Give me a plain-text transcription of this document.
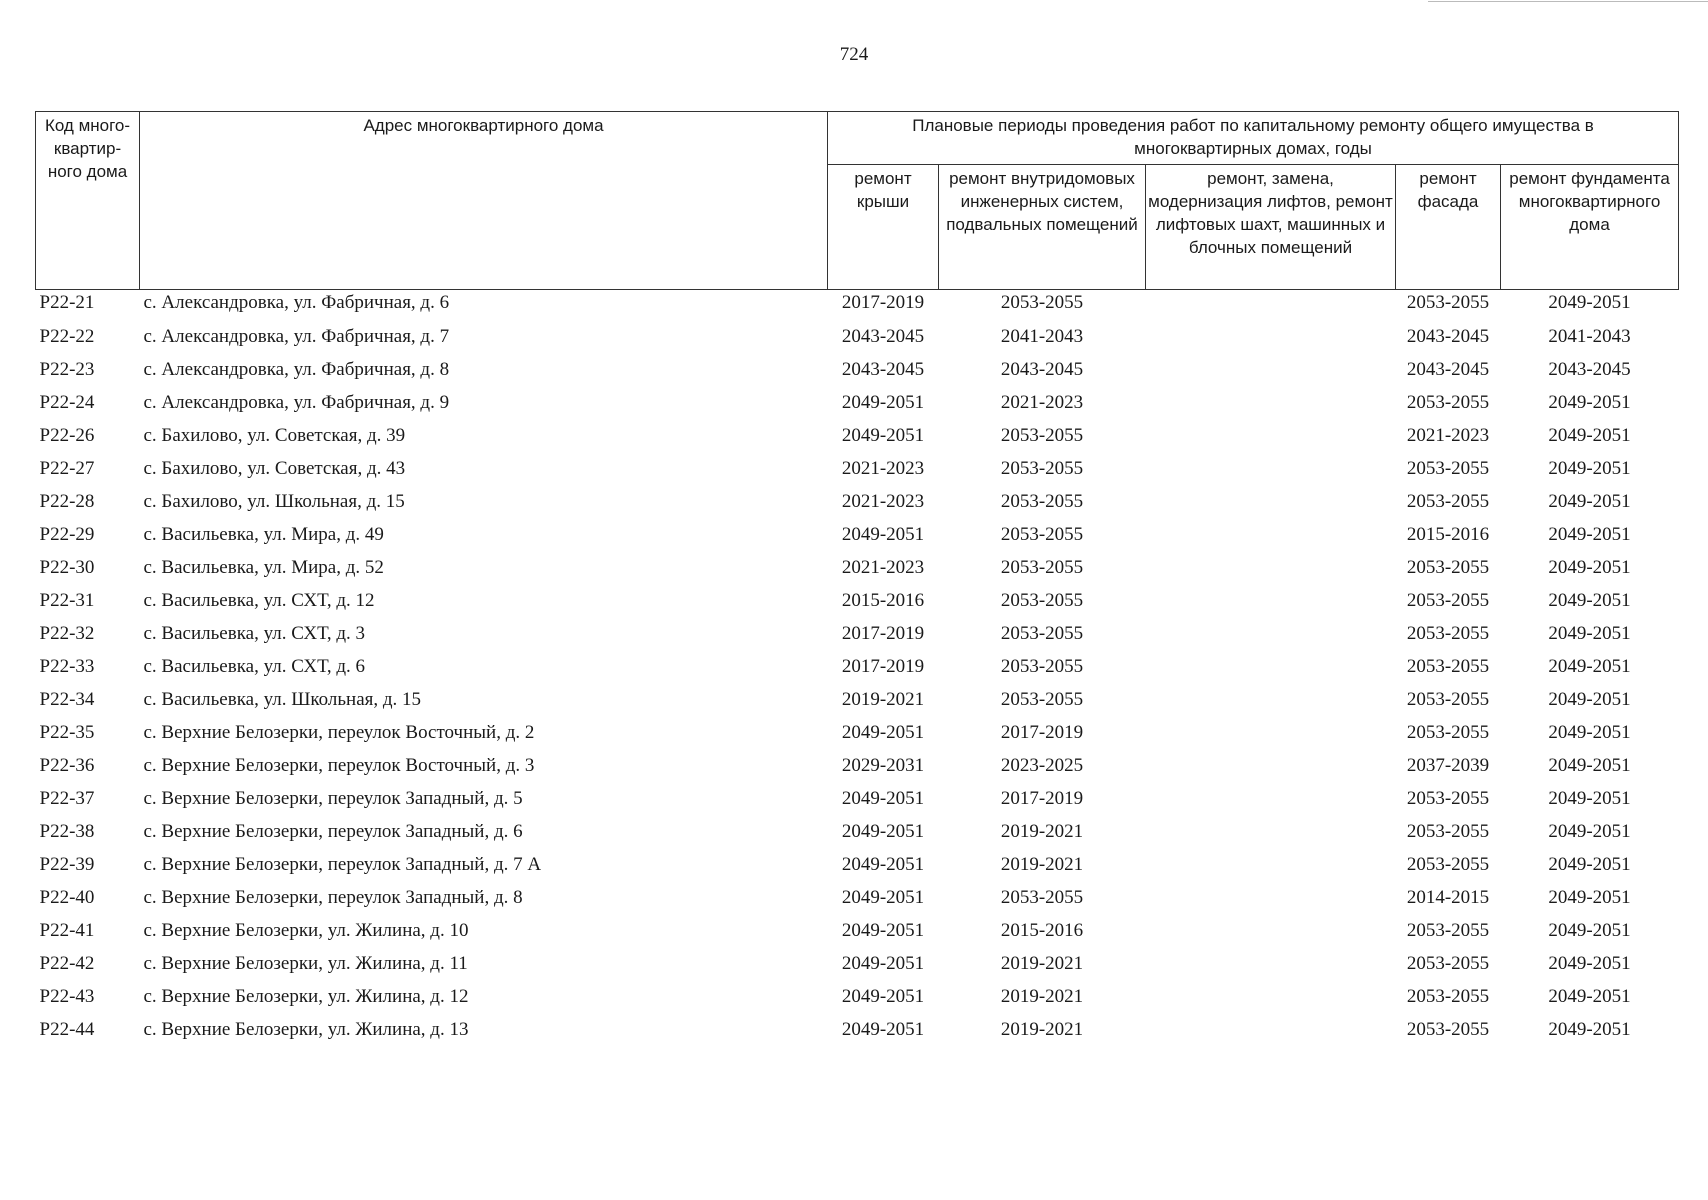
724
Код много-квартир-ного дома	Адрес многоквартирного дома	Плановые периоды проведения работ по капитальному ремонту общего имущества в
многоквартирных домах, годы				

		ремонт крыши	ремонт внутридомовых инженерных систем, подвальных помещений	ремонт, замена, модернизация лифтов, ремонт лифтовых шахт, машинных и блочных помещений	ремонт фасада	ремонт фундамента многоквартирного дома
Р22-21	с. Александровка, ул. Фабричная, д. 6	2017-2019	2053-2055		2053-2055	2049-2051
Р22-22	с. Александровка, ул. Фабричная, д. 7	2043-2045	2041-2043		2043-2045	2041-2043
Р22-23	с. Александровка, ул. Фабричная, д. 8	2043-2045	2043-2045		2043-2045	2043-2045
Р22-24	с. Александровка, ул. Фабричная, д. 9	2049-2051	2021-2023		2053-2055	2049-2051
Р22-26	с. Бахилово, ул. Советская, д. 39	2049-2051	2053-2055		2021-2023	2049-2051
Р22-27	с. Бахилово, ул. Советская, д. 43	2021-2023	2053-2055		2053-2055	2049-2051
Р22-28	с. Бахилово, ул. Школьная, д. 15	2021-2023	2053-2055		2053-2055	2049-2051
Р22-29	с. Васильевка, ул. Мира, д. 49	2049-2051	2053-2055		2015-2016	2049-2051
Р22-30	с. Васильевка, ул. Мира, д. 52	2021-2023	2053-2055		2053-2055	2049-2051
Р22-31	с. Васильевка, ул. СХТ, д. 12	2015-2016	2053-2055		2053-2055	2049-2051
Р22-32	с. Васильевка, ул. СХТ, д. 3	2017-2019	2053-2055		2053-2055	2049-2051
Р22-33	с. Васильевка, ул. СХТ, д. 6	2017-2019	2053-2055		2053-2055	2049-2051
Р22-34	с. Васильевка, ул. Школьная, д. 15	2019-2021	2053-2055		2053-2055	2049-2051
Р22-35	с. Верхние Белозерки, переулок Восточный, д. 2	2049-2051	2017-2019		2053-2055	2049-2051
Р22-36	с. Верхние Белозерки, переулок Восточный, д. 3	2029-2031	2023-2025		2037-2039	2049-2051
Р22-37	с. Верхние Белозерки, переулок Западный, д. 5	2049-2051	2017-2019		2053-2055	2049-2051
Р22-38	с. Верхние Белозерки, переулок Западный, д. 6	2049-2051	2019-2021		2053-2055	2049-2051
Р22-39	с. Верхние Белозерки, переулок Западный, д. 7 А	2049-2051	2019-2021		2053-2055	2049-2051
Р22-40	с. Верхние Белозерки, переулок Западный, д. 8	2049-2051	2053-2055		2014-2015	2049-2051
Р22-41	с. Верхние Белозерки, ул. Жилина, д. 10	2049-2051	2015-2016		2053-2055	2049-2051
Р22-42	с. Верхние Белозерки, ул. Жилина, д. 11	2049-2051	2019-2021		2053-2055	2049-2051
Р22-43	с. Верхние Белозерки, ул. Жилина, д. 12	2049-2051	2019-2021		2053-2055	2049-2051
Р22-44	с. Верхние Белозерки, ул. Жилина, д. 13	2049-2051	2019-2021		2053-2055	2049-2051
